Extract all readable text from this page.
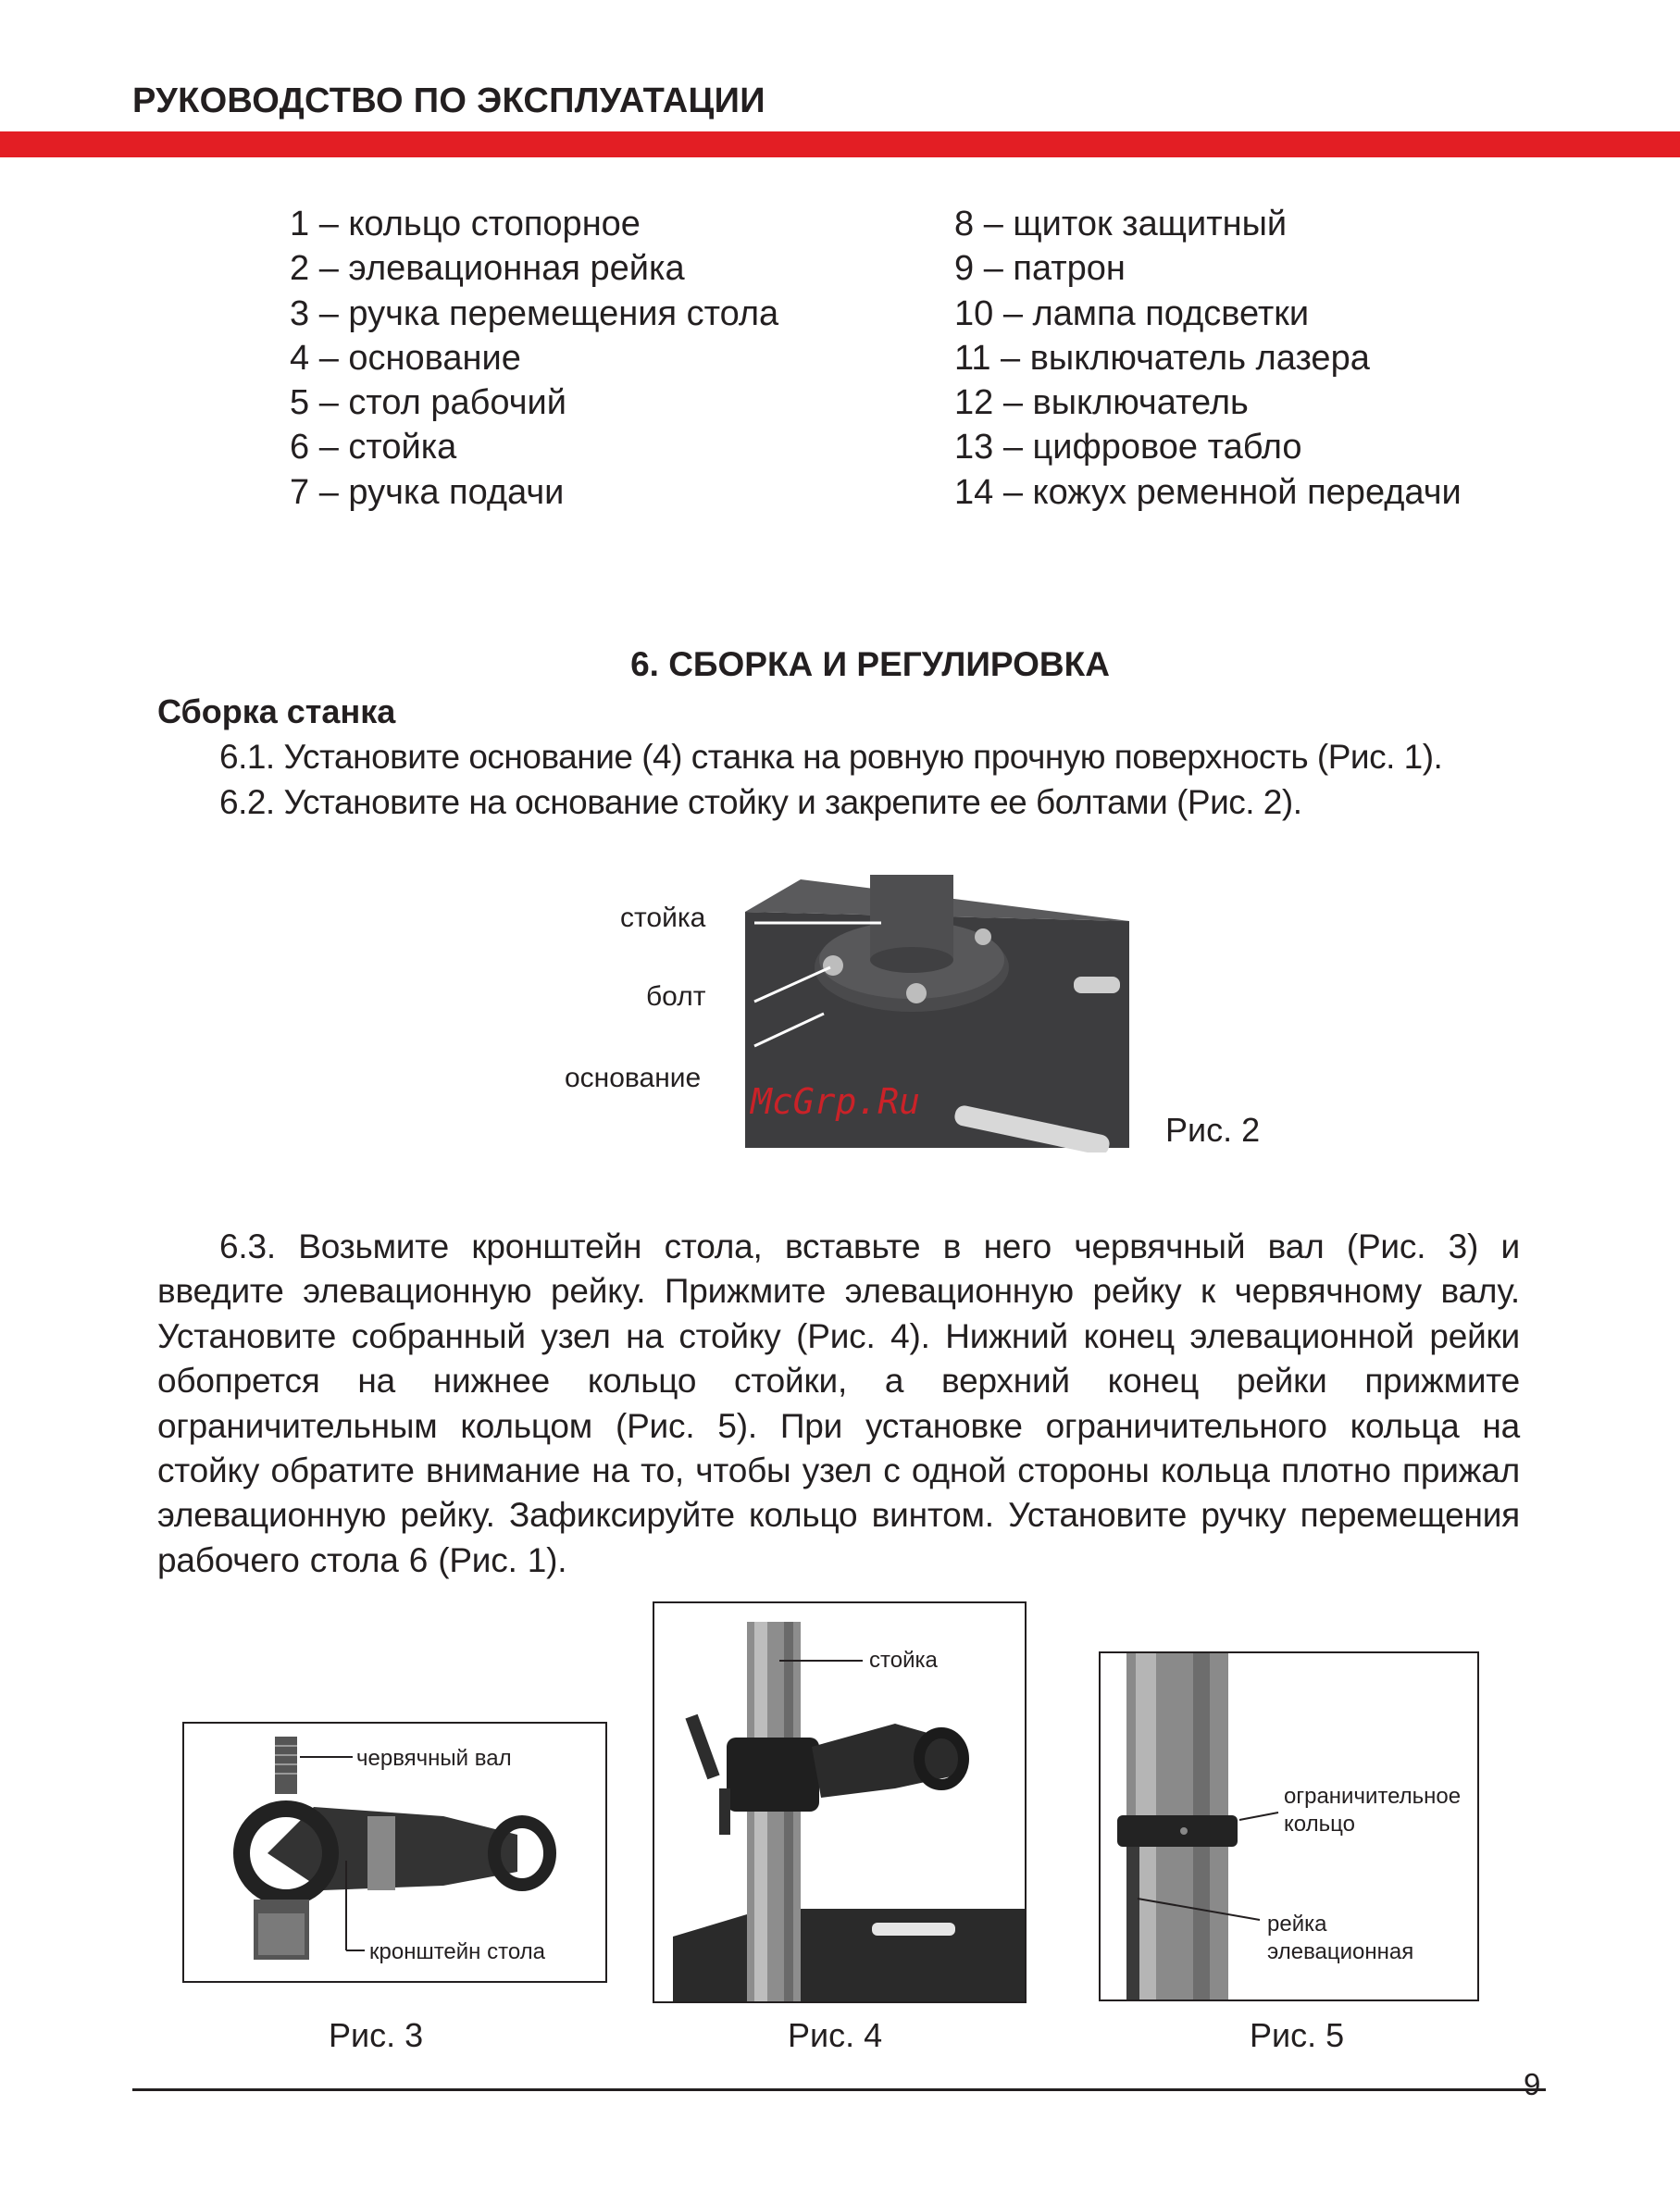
РУКОВОДСТВО ПО ЭКСПЛУАТАЦИИ
1 – кольцо стопорное
2 – элевационная рейка
3 – ручка перемещения стола
4 – основание
5 – стол рабочий
6 – стойка
7 – ручка подачи
8 – щиток защитный
9 – патрон
10 – лампа подсветки
11 – выключатель лазера
12 – выключатель
13 – цифровое табло
14 – кожух ременной передачи
6. СБОРКА И РЕГУЛИРОВКА
Сборка станка
6.1. Установите основание (4) станка на ровную прочную поверхность (Рис. 1).
6.2. Установите на основание стойку и закрепите ее болтами (Рис. 2).
стойка
болт
основание
McGrp.Ru
Рис. 2
6.3. Возьмите кронштейн стола, вставьте в него червячный вал (Рис. 3) и введите элевационную рейку. Прижмите элевационную рейку к червячному валу. Установите собранный узел на стойку (Рис. 4). Нижний конец элевационной рейки обопрется на нижнее кольцо стойки, а верхний конец рейки прижмите ограничительным кольцом (Рис. 5). При установке ограничительного кольца на стойку обратите внимание на то, чтобы узел с одной стороны кольца плотно прижал элевационную рейку. Зафиксируйте кольцо винтом. Установите ручку перемещения рабочего стола 6 (Рис. 1).
червячный вал
кронштейн стола
Рис. 3
стойка
Рис. 4
ограничительное кольцо
рейка элевационная
Рис. 5
9
